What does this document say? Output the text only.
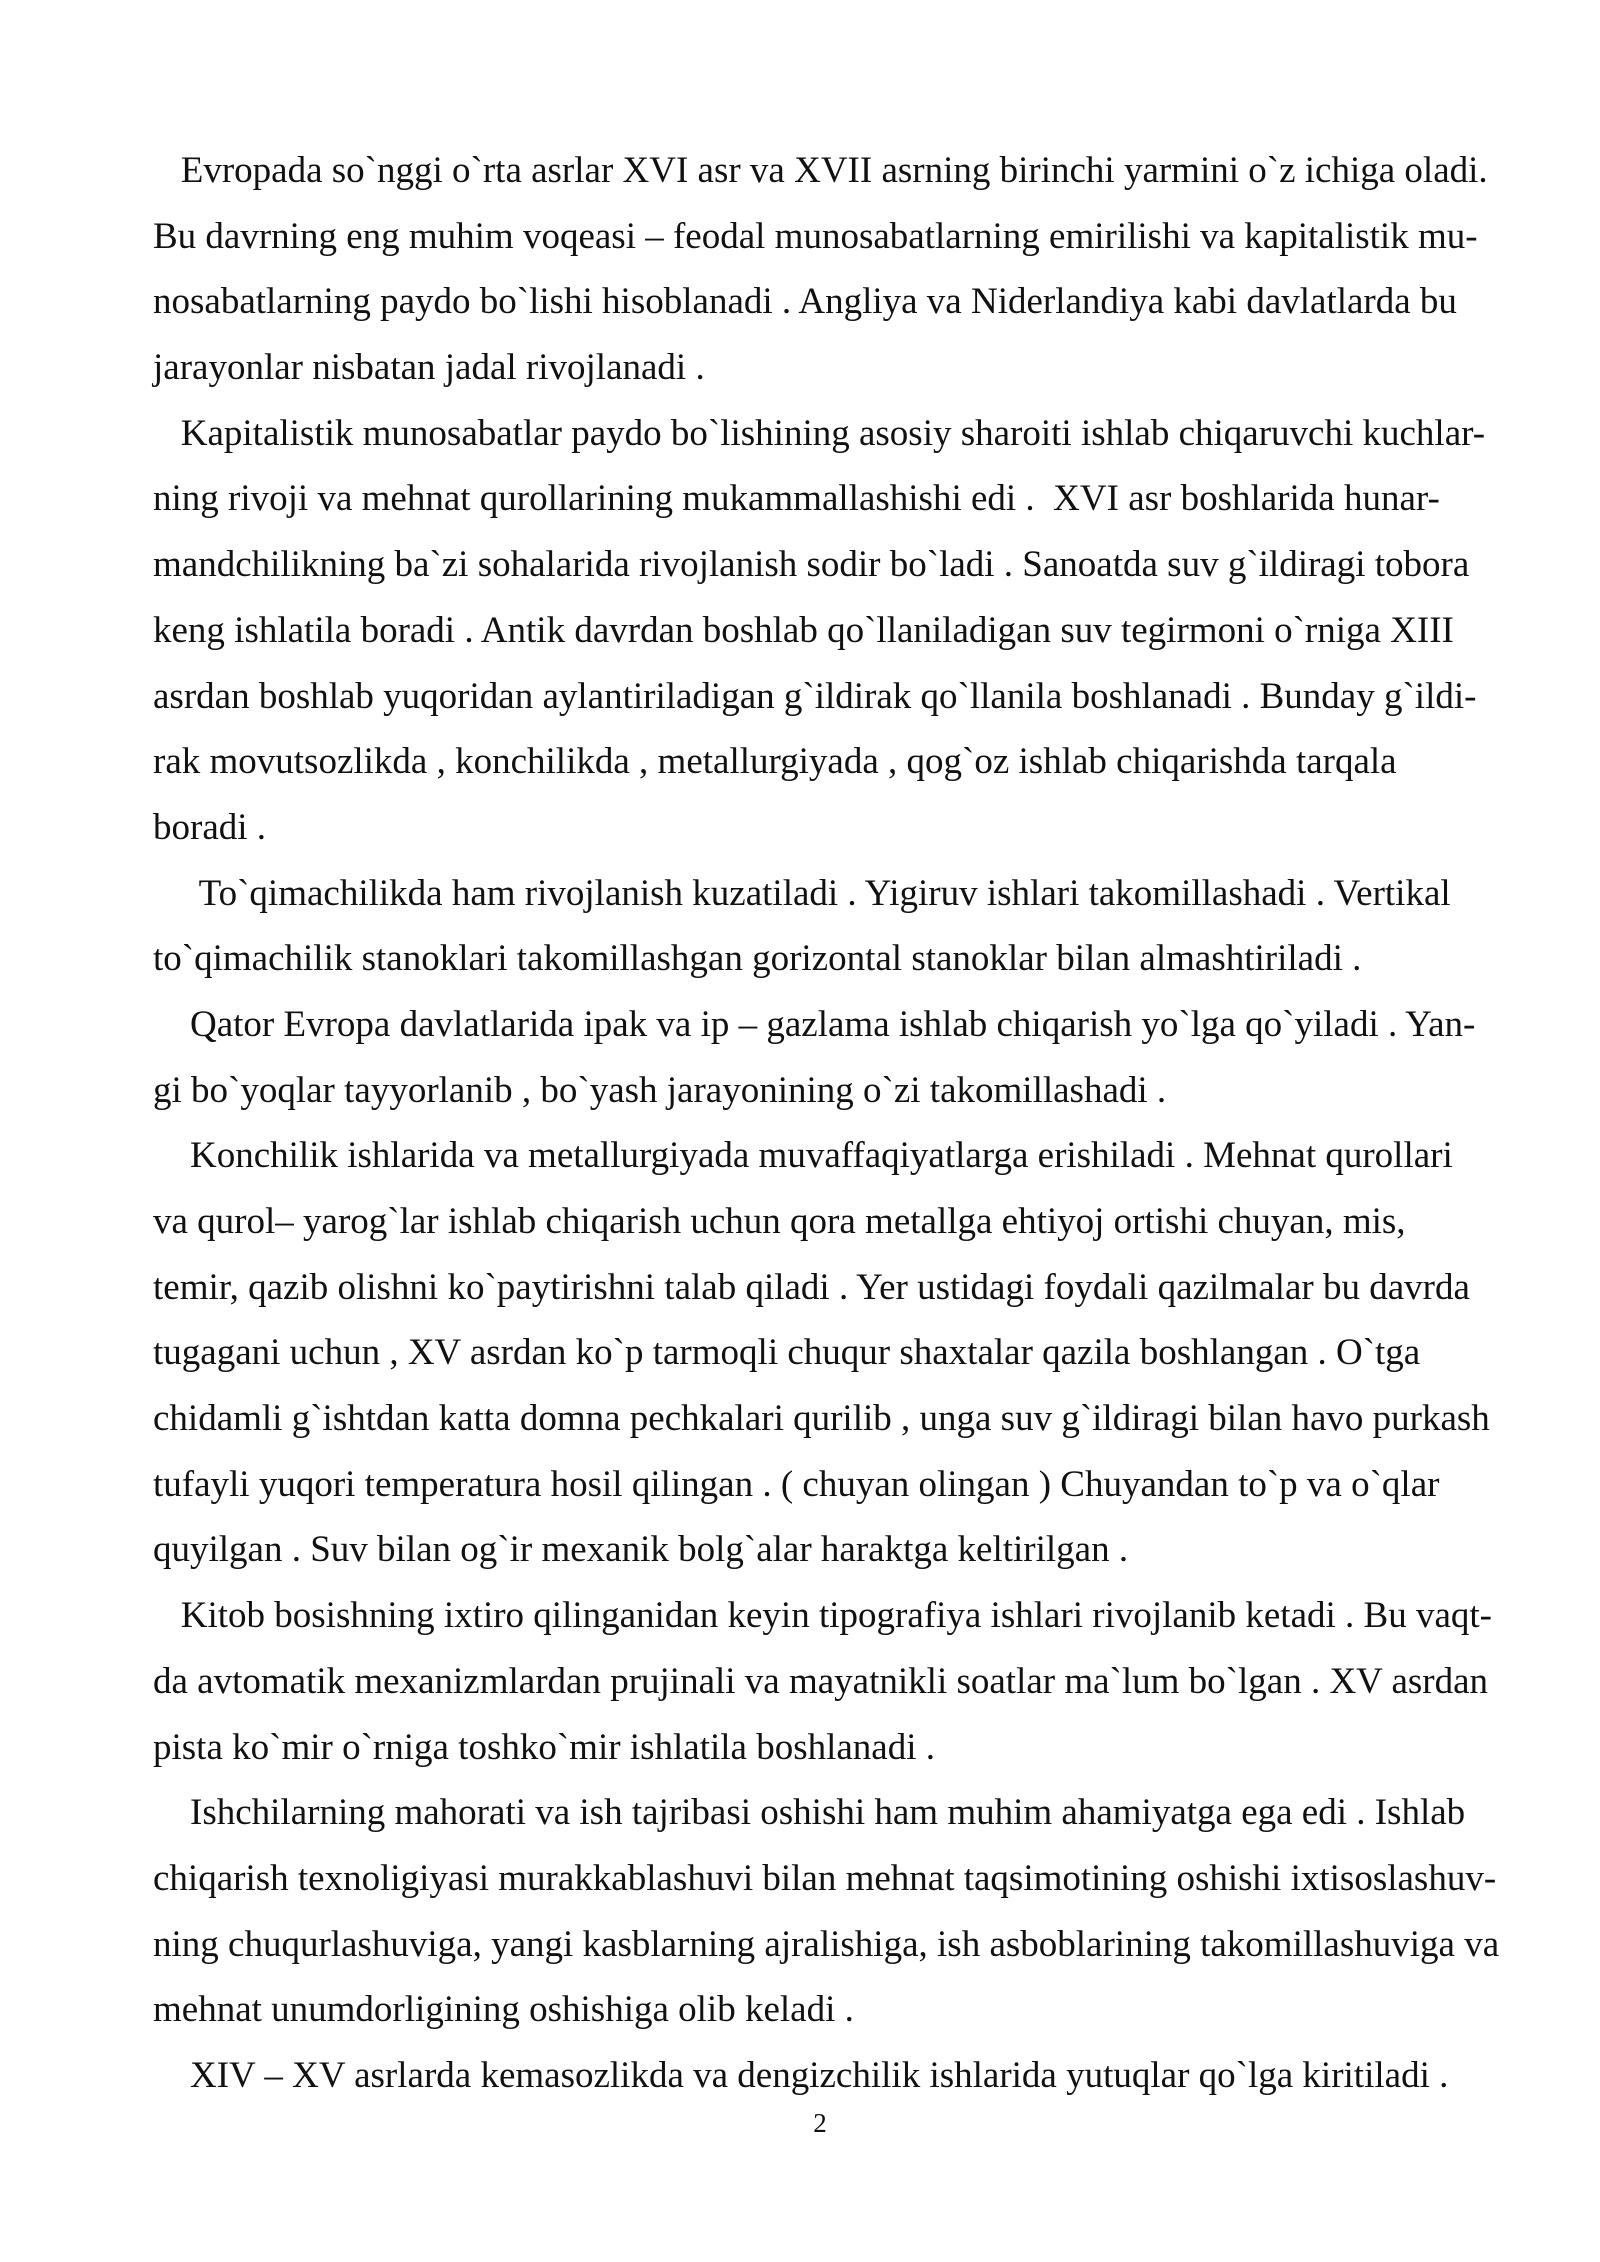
Evropada so`nggi o`rta asrlar XVI asr va XVII asrning birinchi yarmini o`z ichiga oladi.
Bu davrning eng muhim voqeasi – feodal munosabatlarning emirilishi va kapitalistik mu-
nosabatlarning paydo bo`lishi hisoblanadi . Angliya va Niderlandiya kabi davlatlarda bu
jarayonlar nisbatan jadal rivojlanadi .
Kapitalistik munosabatlar paydo bo`lishining asosiy sharoiti ishlab chiqaruvchi kuchlar-
ning rivoji va mehnat qurollarining mukammallashishi edi .  XVI asr boshlarida hunar-
mandchilikning ba`zi sohalarida rivojlanish sodir bo`ladi . Sanoatda suv g`ildiragi tobora
keng ishlatila boradi . Antik davrdan boshlab qo`llaniladigan suv tegirmoni o`rniga XIII
asrdan boshlab yuqoridan aylantiriladigan g`ildirak qo`llanila boshlanadi . Bunday g`ildi-
rak movutsozlikda , konchilikda , metallurgiyada , qog`oz ishlab chiqarishda tarqala
boradi .
To`qimachilikda ham rivojlanish kuzatiladi . Yigiruv ishlari takomillashadi . Vertikal
to`qimachilik stanoklari takomillashgan gorizontal stanoklar bilan almashtiriladi .
Qator Evropa davlatlarida ipak va ip – gazlama ishlab chiqarish yo`lga qo`yiladi . Yan-
gi bo`yoqlar tayyorlanib , bo`yash jarayonining o`zi takomillashadi .
Konchilik ishlarida va metallurgiyada muvaffaqiyatlarga erishiladi . Mehnat qurollari
va qurol– yarog`lar ishlab chiqarish uchun qora metallga ehtiyoj ortishi chuyan, mis,
temir, qazib olishni ko`paytirishni talab qiladi . Yer ustidagi foydali qazilmalar bu davrda
tugagani uchun , XV asrdan ko`p tarmoqli chuqur shaxtalar qazila boshlangan . O`tga
chidamli g`ishtdan katta domna pechkalari qurilib , unga suv g`ildiragi bilan havo purkash
tufayli yuqori temperatura hosil qilingan . ( chuyan olingan ) Chuyandan to`p va o`qlar
quyilgan . Suv bilan og`ir mexanik bolg`alar haraktga keltirilgan .
Kitob bosishning ixtiro qilinganidan keyin tipografiya ishlari rivojlanib ketadi . Bu vaqt-
da avtomatik mexanizmlardan prujinali va mayatnikli soatlar ma`lum bo`lgan . XV asrdan
pista ko`mir o`rniga toshko`mir ishlatila boshlanadi .
Ishchilarning mahorati va ish tajribasi oshishi ham muhim ahamiyatga ega edi . Ishlab
chiqarish texnoligiyasi murakkablashuvi bilan mehnat taqsimotining oshishi ixtisoslashuv-
ning chuqurlashuviga, yangi kasblarning ajralishiga, ish asboblarining takomillashuviga va
mehnat unumdorligining oshishiga olib keladi .
XIV – XV asrlarda kemasozlikda va dengizchilik ishlarida yutuqlar qo`lga kiritiladi .
2
